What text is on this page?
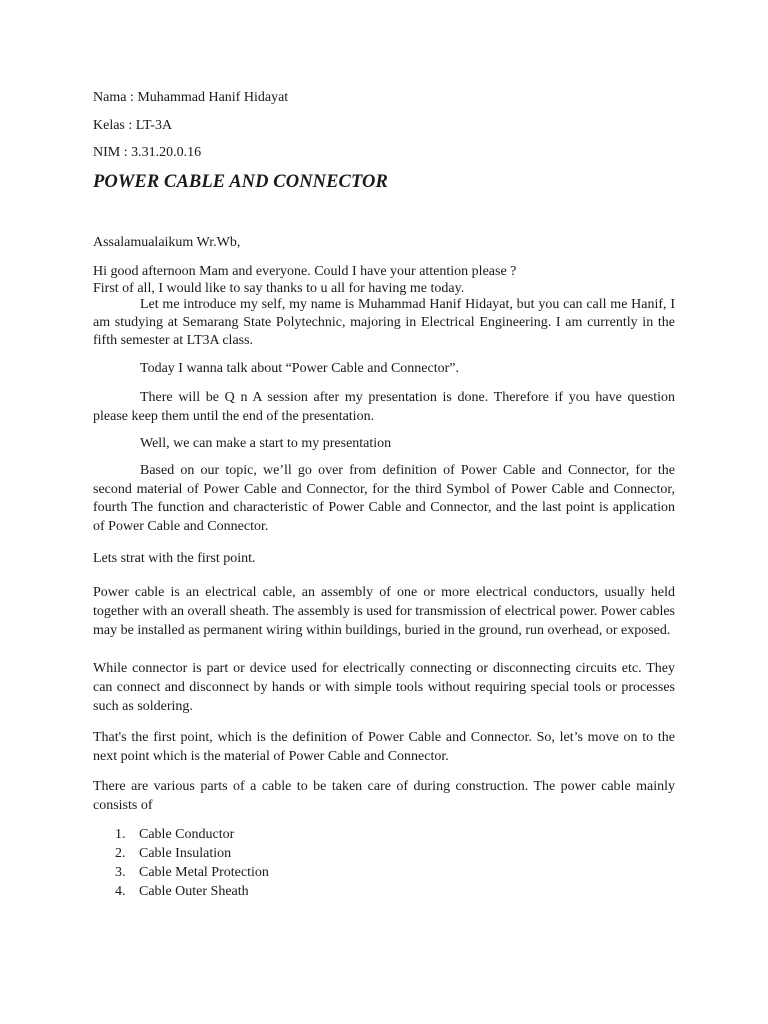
Nama : Muhammad Hanif Hidayat
Kelas : LT-3A
NIM : 3.31.20.0.16
POWER CABLE AND CONNECTOR
Assalamualaikum Wr.Wb,
Hi good afternoon Mam and everyone. Could I have your attention please ?
First of all, I would like to say thanks to u all for having me today.
Let me introduce my self, my name is Muhammad Hanif Hidayat, but you can call me Hanif, I am studying at Semarang State Polytechnic, majoring in Electrical Engineering. I am currently in the fifth semester at LT3A class.
Today I wanna talk about “Power Cable and Connector”.
There will be Q n A session after my presentation is done. Therefore if you have question please keep them until the end of the presentation.
Well, we can make a start to my presentation
Based on our topic, we’ll go over from definition of Power Cable and Connector, for the second material of Power Cable and Connector, for the third Symbol of Power Cable and Connector, fourth The function and characteristic of Power Cable and Connector, and the last point is application of Power Cable and Connector.
Lets strat with the first point.
Power cable is an electrical cable, an assembly of one or more electrical conductors, usually held together with an overall sheath. The assembly is used for transmission of electrical power. Power cables may be installed as permanent wiring within buildings, buried in the ground, run overhead, or exposed.
While connector is part or device used for electrically connecting or disconnecting circuits etc. They can connect and disconnect by hands or with simple tools without requiring special tools or processes such as soldering.
That's the first point, which is the definition of Power Cable and Connector. So, let’s move on to the next point which is the material of Power Cable and Connector.
There are various parts of a cable to be taken care of during construction. The power cable mainly consists of
1. Cable Conductor
2. Cable Insulation
3. Cable Metal Protection
4. Cable Outer Sheath
